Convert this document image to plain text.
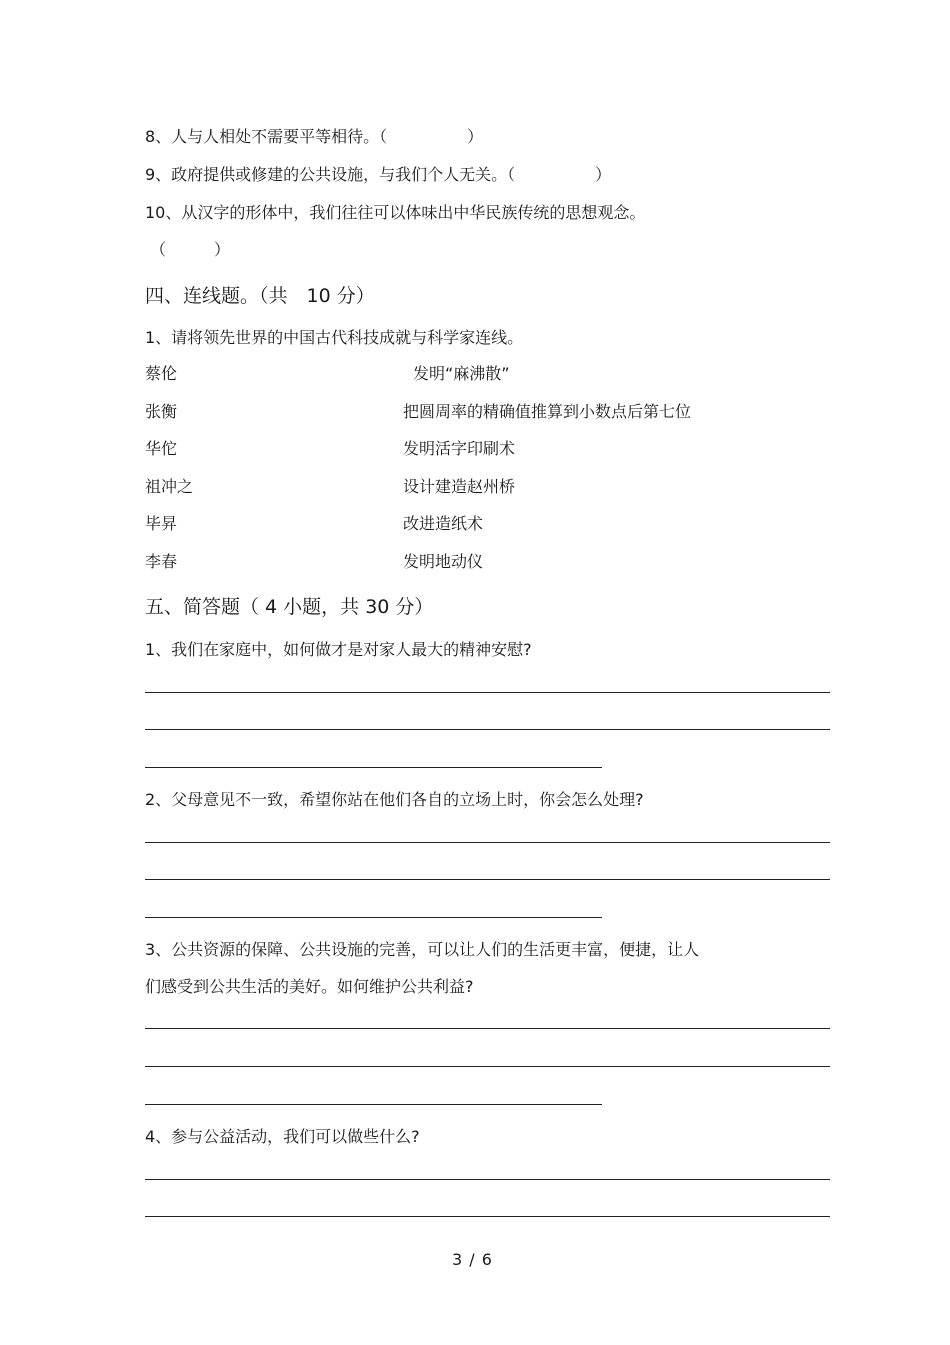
8、人与人相处不需要平等相待。（　　　　　）
9、政府提供或修建的公共设施，与我们个人无关。（　　　　　）
10、从汉字的形体中，我们往往可以体味出中华民族传统的思想观念。
（　　　）
四、连线题。（共　10 分）
1、请将领先世界的中国古代科技成就与科学家连线。
蔡伦
张衡
华佗
祖冲之
毕昇
李春
发明“麻沸散”
把圆周率的精确值推算到小数点后第七位
发明活字印刷术
设计建造赵州桥
改进造纸术
发明地动仪
五、简答题（ 4 小题，共 30 分）
1、我们在家庭中，如何做才是对家人最大的精神安慰?
2、父母意见不一致，希望你站在他们各自的立场上时，你会怎么处理?
3、公共资源的保障、公共设施的完善，可以让人们的生活更丰富，便捷，让人
们感受到公共生活的美好。如何维护公共利益?
4、参与公益活动，我们可以做些什么?
3 / 6
